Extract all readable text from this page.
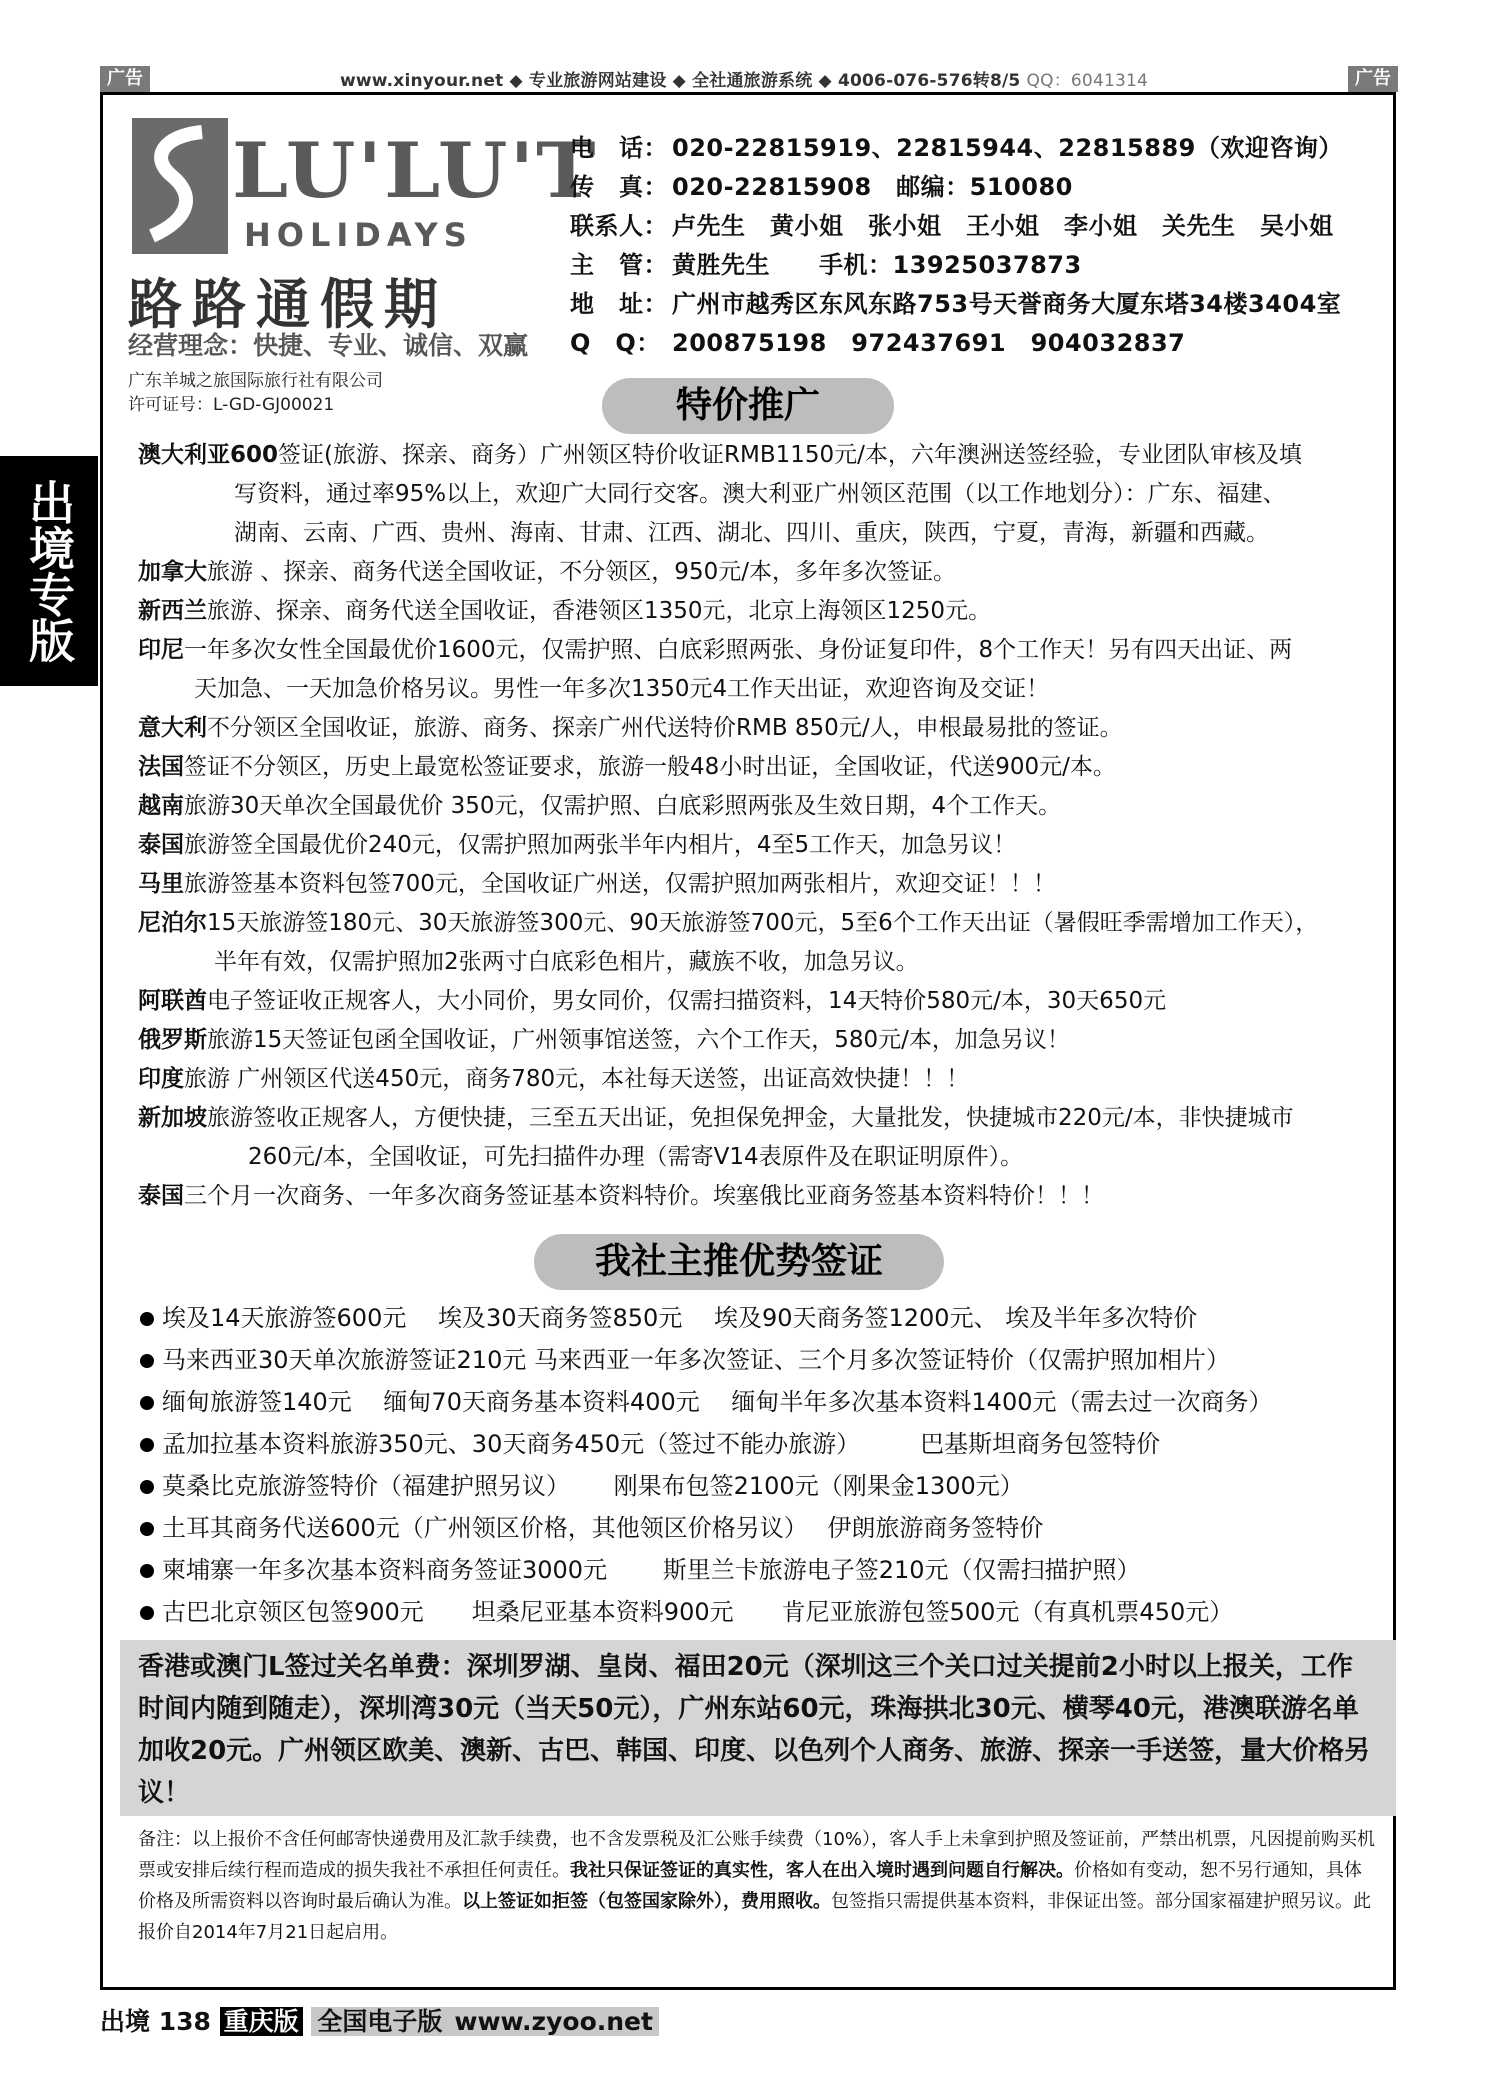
广告	广告
www.xinyour.net ◆ 专业旅游网站建设 ◆ 全社通旅游系统 ◆ 4006-076-576转8/5 QQ：6041314
出境专版
LU'LU'T
HOLIDAYS
路路通假期
经营理念：快捷、专业、诚信、双赢
广东羊城之旅国际旅行社有限公司
许可证号：L-GD-GJ00021
电　话： 020-22815919、22815944、22815889（欢迎咨询）
传　真： 020-22815908　邮编：510080
联系人： 卢先生　黄小姐　张小姐　王小姐　李小姐　关先生　吴小姐
主　管： 黄胜先生　　手机：13925037873
地　址： 广州市越秀区东风东路753号天誉商务大厦东塔34楼3404室
Q　Q： 200875198　972437691　904032837
特价推广
澳大利亚600签证(旅游、探亲、商务）广州领区特价收证RMB1150元/本，六年澳洲送签经验，专业团队审核及填
写资料，通过率95%以上，欢迎广大同行交客。澳大利亚广州领区范围（以工作地划分）：广东、福建、
湖南、云南、广西、贵州、海南、甘肃、江西、湖北、四川、重庆，陕西，宁夏，青海，新疆和西藏。
加拿大旅游 、探亲、商务代送全国收证，不分领区，950元/本，多年多次签证。
新西兰旅游、探亲、商务代送全国收证，香港领区1350元，北京上海领区1250元。
印尼一年多次女性全国最优价1600元，仅需护照、白底彩照两张、身份证复印件，8个工作天！另有四天出证、两
天加急、一天加急价格另议。男性一年多次1350元4工作天出证，欢迎咨询及交证！
意大利不分领区全国收证，旅游、商务、探亲广州代送特价RMB 850元/人，申根最易批的签证。
法国签证不分领区，历史上最宽松签证要求，旅游一般48小时出证，全国收证，代送900元/本。
越南旅游30天单次全国最优价 350元，仅需护照、白底彩照两张及生效日期，4个工作天。
泰国旅游签全国最优价240元，仅需护照加两张半年内相片，4至5工作天，加急另议！
马里旅游签基本资料包签700元，全国收证广州送，仅需护照加两张相片，欢迎交证！！！
尼泊尔15天旅游签180元、30天旅游签300元、90天旅游签700元，5至6个工作天出证（暑假旺季需增加工作天），
半年有效，仅需护照加2张两寸白底彩色相片，藏族不收，加急另议。
阿联酋电子签证收正规客人，大小同价，男女同价，仅需扫描资料，14天特价580元/本，30天650元
俄罗斯旅游15天签证包函全国收证，广州领事馆送签，六个工作天，580元/本，加急另议！
印度旅游 广州领区代送450元，商务780元，本社每天送签，出证高效快捷！！！
新加坡旅游签收正规客人，方便快捷，三至五天出证，免担保免押金，大量批发，快捷城市220元/本，非快捷城市
260元/本，全国收证，可先扫描件办理（需寄V14表原件及在职证明原件）。
泰国三个月一次商务、一年多次商务签证基本资料特价。埃塞俄比亚商务签基本资料特价！！！
我社主推优势签证
埃及14天旅游签600元　 埃及30天商务签850元　 埃及90天商务签1200元、 埃及半年多次特价
马来西亚30天单次旅游签证210元 马来西亚一年多次签证、三个月多次签证特价（仅需护照加相片）
缅甸旅游签140元　 缅甸70天商务基本资料400元　 缅甸半年多次基本资料1400元（需去过一次商务）
孟加拉基本资料旅游350元、30天商务450元（签过不能办旅游）　　　巴基斯坦商务包签特价
莫桑比克旅游签特价（福建护照另议）　　 刚果布包签2100元（刚果金1300元）
土耳其商务代送600元（广州领区价格，其他领区价格另议）　 伊朗旅游商务签特价
柬埔寨一年多次基本资料商务签证3000元　　 斯里兰卡旅游电子签210元（仅需扫描护照）
古巴北京领区包签900元　　坦桑尼亚基本资料900元　　肯尼亚旅游包签500元（有真机票450元）
香港或澳门L签过关名单费：深圳罗湖、皇岗、福田20元（深圳这三个关口过关提前2小时以上报关，工作时间内随到随走），深圳湾30元（当天50元），广州东站60元，珠海拱北30元、横琴40元，港澳联游名单加收20元。广州领区欧美、澳新、古巴、韩国、印度、以色列个人商务、旅游、探亲一手送签，量大价格另议！
备注：以上报价不含任何邮寄快递费用及汇款手续费，也不含发票税及汇公账手续费（10%），客人手上未拿到护照及签证前，严禁出机票，凡因提前购买机票或安排后续行程而造成的损失我社不承担任何责任。我社只保证签证的真实性，客人在出入境时遇到问题自行解决。价格如有变动，恕不另行通知，具体价格及所需资料以咨询时最后确认为准。以上签证如拒签（包签国家除外），费用照收。包签指只需提供基本资料，非保证出签。部分国家福建护照另议。此报价自2014年7月21日起启用。
出境 138 重庆版 全国电子版 www.zyoo.net
